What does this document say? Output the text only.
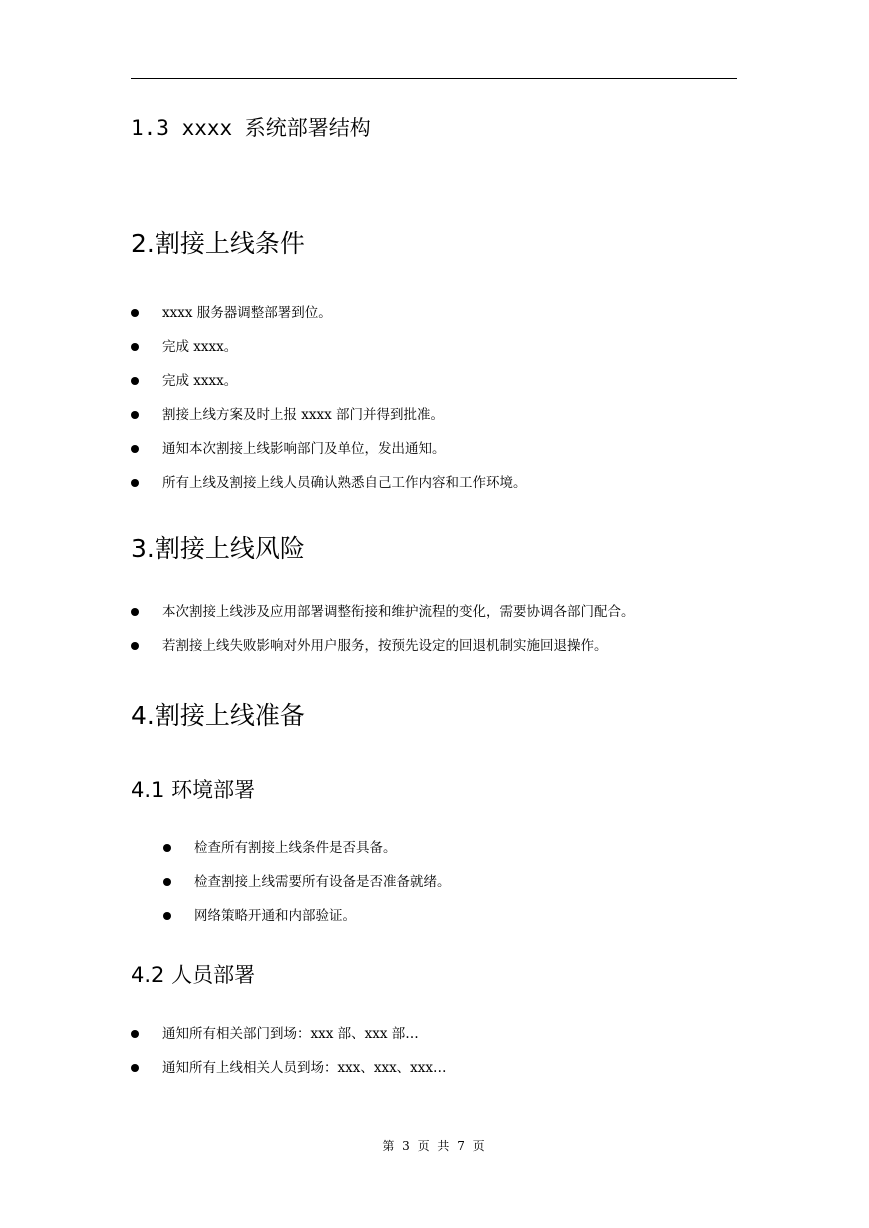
1.3 xxxx 系统部署结构
2.割接上线条件
xxxx 服务器调整部署到位。
完成 xxxx。
完成 xxxx。
割接上线方案及时上报 xxxx 部门并得到批准。
通知本次割接上线影响部门及单位，发出通知。
所有上线及割接上线人员确认熟悉自己工作内容和工作环境。
3.割接上线风险
本次割接上线涉及应用部署调整衔接和维护流程的变化，需要协调各部门配合。
若割接上线失败影响对外用户服务，按预先设定的回退机制实施回退操作。
4.割接上线准备
4.1 环境部署
检查所有割接上线条件是否具备。
检查割接上线需要所有设备是否准备就绪。
网络策略开通和内部验证。
4.2 人员部署
通知所有相关部门到场：xxx 部、xxx 部…
通知所有上线相关人员到场：xxx、xxx、xxx…
第 3 页 共 7 页
